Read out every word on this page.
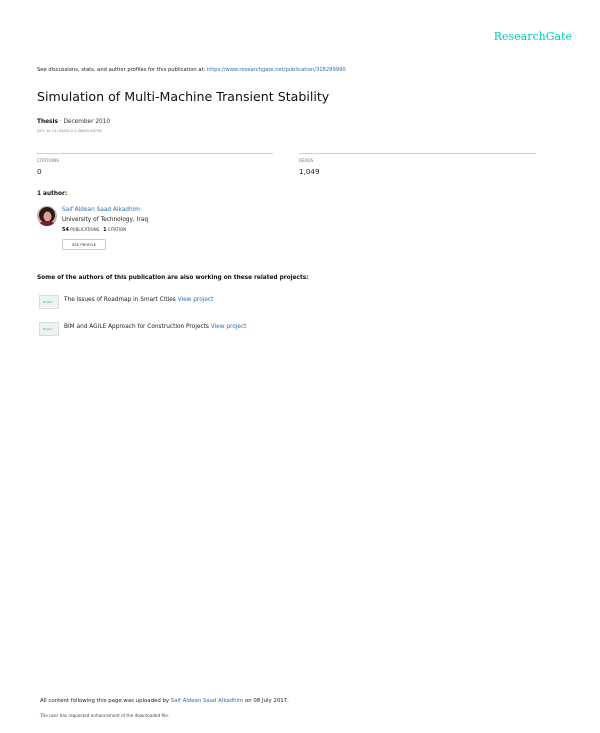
ResearchGate
See discussions, stats, and author profiles for this publication at: https://www.researchgate.net/publication/318299990
Simulation of Multi-Machine Transient Stability
Thesis · December 2010
DOI: 10.13140/RG.2.2.36800.48728
CITATIONS
0
READS
1,049
1 author:
Saif Aldean Saad Alkadhim
University of Technology, Iraq
54 PUBLICATIONS 1 CITATION
SEE PROFILE
Some of the authors of this publication are also working on these related projects:
Project The Issues of Roadmap in Smart Cities View project
Project BIM and AGILE Approach for Construction Projects View project
All content following this page was uploaded by Saif Aldean Saad Alkadhim on 08 July 2017.
The user has requested enhancement of the downloaded file.
